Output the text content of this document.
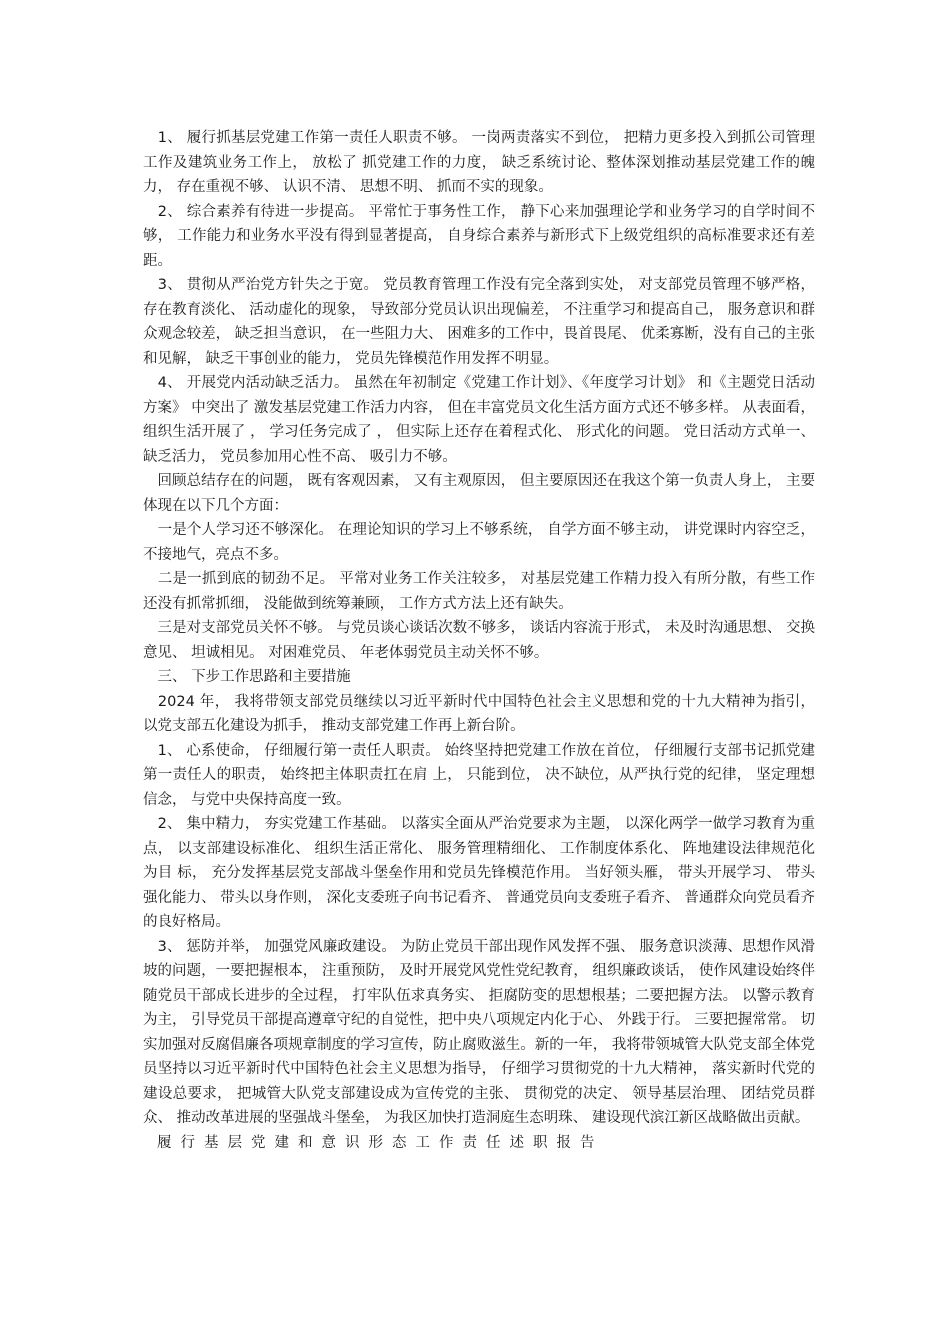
　1、 履行抓基层党建工作第一责任人职责不够。 一岗两责落实不到位， 把精力更多投入到抓公司管理工作及建筑业务工作上， 放松了 抓党建工作的力度， 缺乏系统讨论、整体深划推动基层党建工作的魄力， 存在重视不够、 认识不清、 思想不明、 抓而不实的现象。

　2、 综合素养有待进一步提高。 平常忙于事务性工作， 静下心来加强理论学和业务学习的自学时间不够， 工作能力和业务水平没有得到显著提高， 自身综合素养与新形式下上级党组织的高标准要求还有差距。

　3、 贯彻从严治党方针失之于宽。 党员教育管理工作没有完全落到实处， 对支部党员管理不够严格， 存在教育淡化、 活动虚化的现象， 导致部分党员认识出现偏差， 不注重学习和提高自己， 服务意识和群众观念较差， 缺乏担当意识， 在一些阻力大、 困难多的工作中，畏首畏尾、 优柔寡断，没有自己的主张和见解， 缺乏干事创业的能力， 党员先锋模范作用发挥不明显。

　4、 开展党内活动缺乏活力。 虽然在年初制定《党建工作计划》、《年度学习计划》 和《主题党日活动方案》 中突出了 激发基层党建工作活力内容， 但在丰富党员文化生活方面方式还不够多样。 从表面看， 组织生活开展了 ， 学习任务完成了 ， 但实际上还存在着程式化、 形式化的问题。 党日活动方式单一、 缺乏活力， 党员参加用心性不高、 吸引力不够。

　回顾总结存在的问题， 既有客观因素， 又有主观原因， 但主要原因还在我这个第一负责人身上， 主要体现在以下几个方面：

　一是个人学习还不够深化。 在理论知识的学习上不够系统， 自学方面不够主动， 讲党课时内容空乏， 不接地气，亮点不多。

　二是一抓到底的韧劲不足。 平常对业务工作关注较多， 对基层党建工作精力投入有所分散，有些工作还没有抓常抓细， 没能做到统筹兼顾， 工作方式方法上还有缺失。

　三是对支部党员关怀不够。 与党员谈心谈话次数不够多， 谈话内容流于形式， 未及时沟通思想、 交换意见、 坦诚相见。 对困难党员、 年老体弱党员主动关怀不够。

　三、 下步工作思路和主要措施

　2024 年， 我将带领支部党员继续以习近平新时代中国特色社会主义思想和党的十九大精神为指引， 以党支部五化建设为抓手， 推动支部党建工作再上新台阶。

　1、 心系使命， 仔细履行第一责任人职责。 始终坚持把党建工作放在首位， 仔细履行支部书记抓党建第一责任人的职责， 始终把主体职责扛在肩 上， 只能到位， 决不缺位，从严执行党的纪律， 坚定理想信念， 与党中央保持高度一致。

　2、 集中精力， 夯实党建工作基础。 以落实全面从严治党要求为主题， 以深化两学一做学习教育为重点， 以支部建设标准化、 组织生活正常化、 服务管理精细化、 工作制度体系化、 阵地建设法律规范化为目 标， 充分发挥基层党支部战斗堡垒作用和党员先锋模范作用。 当好领头雁， 带头开展学习、 带头强化能力、 带头以身作则， 深化支委班子向书记看齐、 普通党员向支委班子看齐、 普通群众向党员看齐的良好格局。

　3、 惩防并举， 加强党风廉政建设。 为防止党员干部出现作风发挥不强、 服务意识淡薄、思想作风滑坡的问题，一要把握根本， 注重预防， 及时开展党风党性党纪教育， 组织廉政谈话， 使作风建设始终伴随党员干部成长进步的全过程， 打牢队伍求真务实、 拒腐防变的思想根基；二要把握方法。 以警示教育为主， 引导党员干部提高遵章守纪的自觉性，把中央八项规定内化于心、 外践于行。 三要把握常常。 切实加强对反腐倡廉各项规章制度的学习宣传，防止腐败滋生。新的一年， 我将带领城管大队党支部全体党员坚持以习近平新时代中国特色社会主义思想为指导， 仔细学习贯彻党的十九大精神， 落实新时代党的建设总要求， 把城管大队党支部建设成为宣传党的主张、 贯彻党的决定、 领导基层治理、 团结党员群众、 推动改革进展的坚强战斗堡垒， 为我区加快打造洞庭生态明珠、 建设现代滨江新区战略做出贡献。

履行基层党建和意识形态工作责任述职报告
